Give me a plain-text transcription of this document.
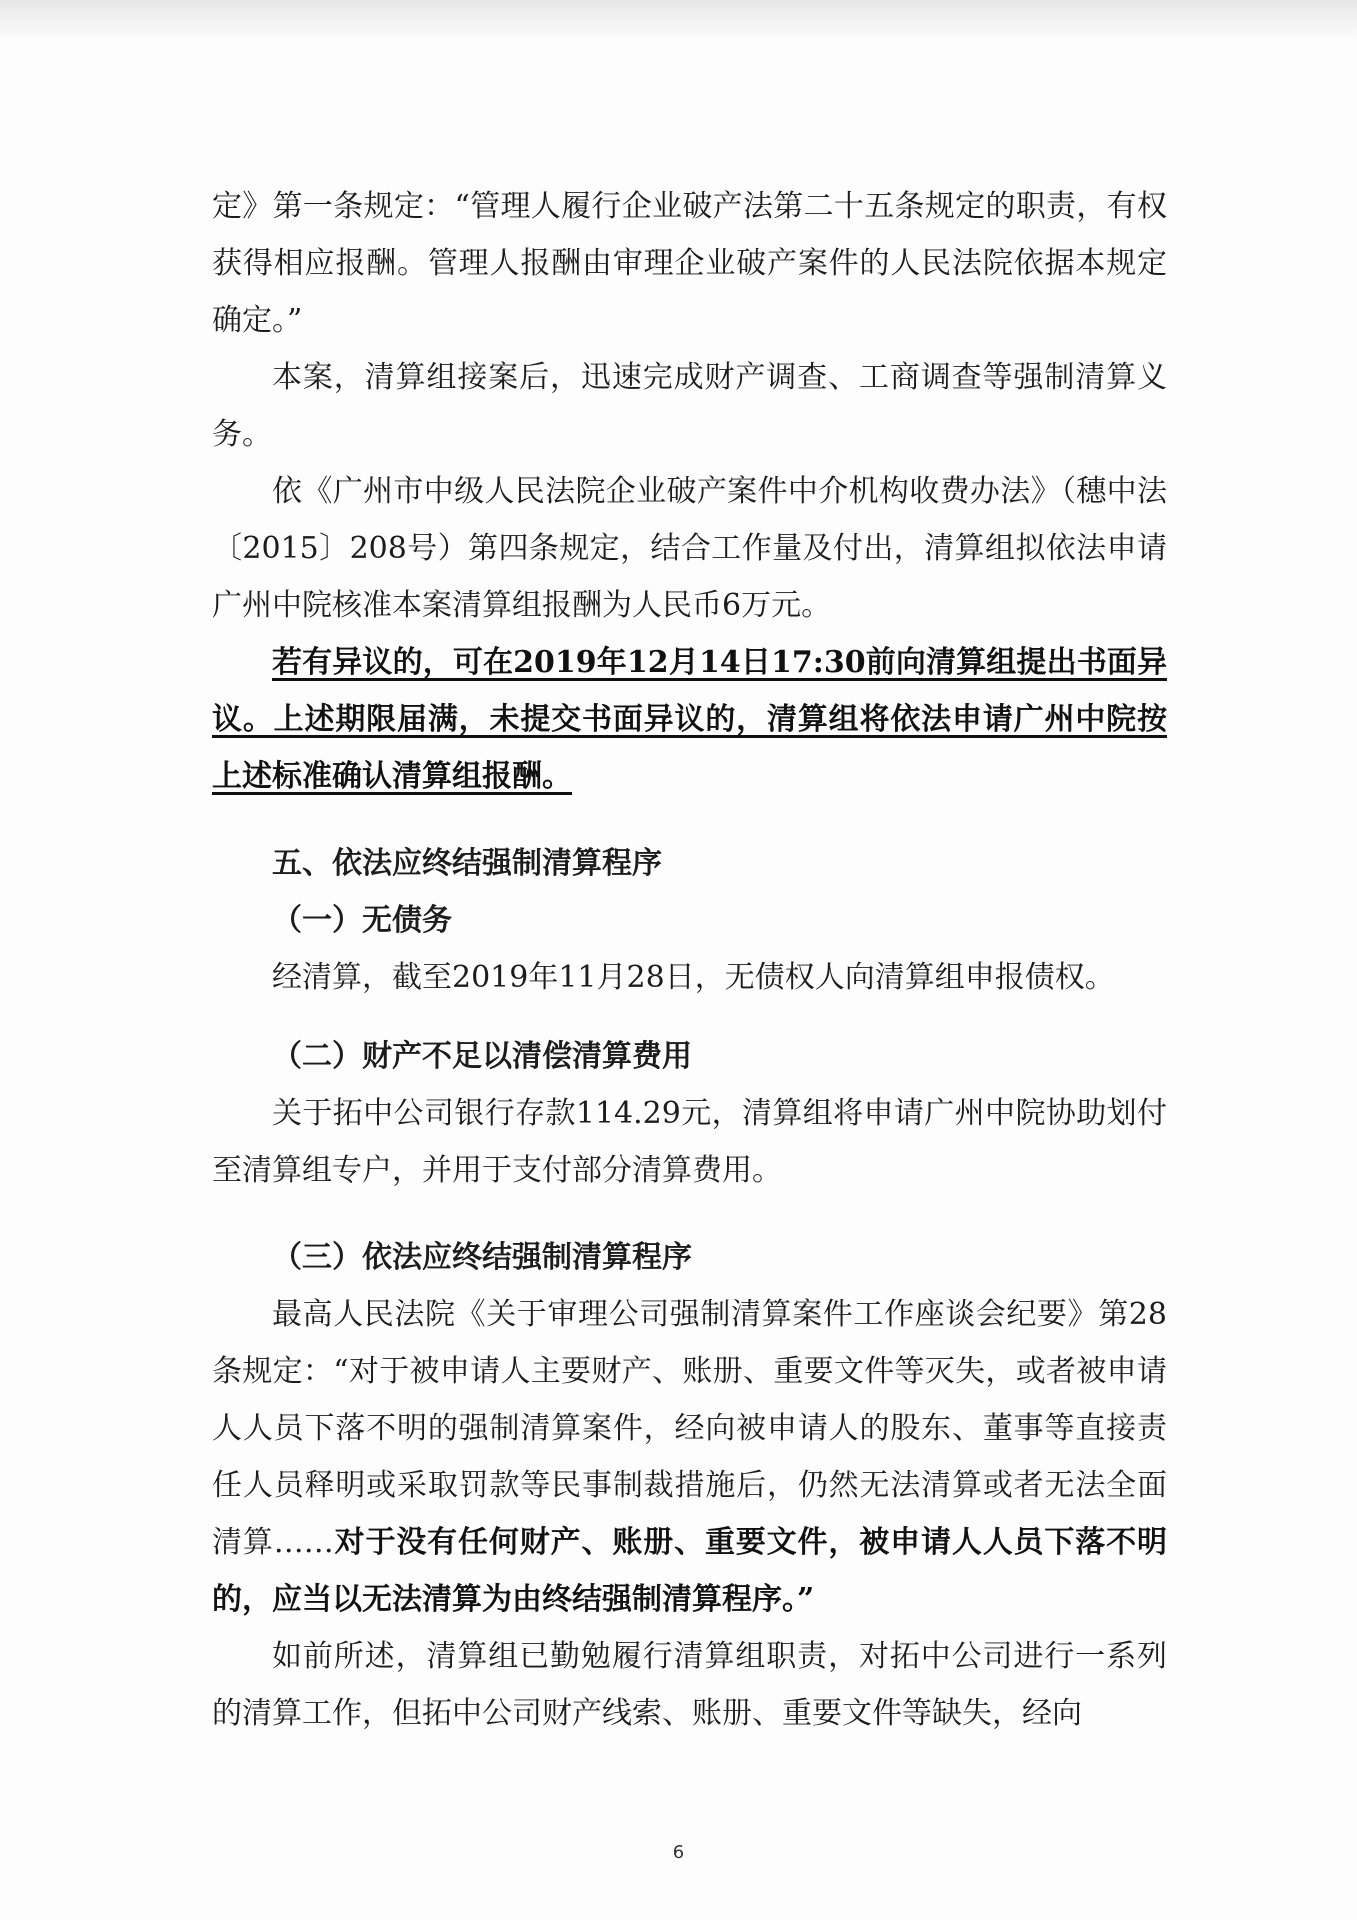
定》第一条规定：“管理人履行企业破产法第二十五条规定的职责，有权获得相应报酬。管理人报酬由审理企业破产案件的人民法院依据本规定确定。”

本案，清算组接案后，迅速完成财产调查、工商调查等强制清算义务。

依《广州市中级人民法院企业破产案件中介机构收费办法》（穗中法〔2015〕208号）第四条规定，结合工作量及付出，清算组拟依法申请广州中院核准本案清算组报酬为人民币6万元。

若有异议的，可在2019年12月14日17:30前向清算组提出书面异议。上述期限届满，未提交书面异议的，清算组将依法申请广州中院按上述标准确认清算组报酬。

五、依法应终结强制清算程序

（一）无债务

经清算，截至2019年11月28日，无债权人向清算组申报债权。

（二）财产不足以清偿清算费用

关于拓中公司银行存款114.29元，清算组将申请广州中院协助划付至清算组专户，并用于支付部分清算费用。

（三）依法应终结强制清算程序

最高人民法院《关于审理公司强制清算案件工作座谈会纪要》第28条规定：“对于被申请人主要财产、账册、重要文件等灭失，或者被申请人人员下落不明的强制清算案件，经向被申请人的股东、董事等直接责任人员释明或采取罚款等民事制裁措施后，仍然无法清算或者无法全面清算……对于没有任何财产、账册、重要文件，被申请人人员下落不明的，应当以无法清算为由终结强制清算程序。”

如前所述，清算组已勤勉履行清算组职责，对拓中公司进行一系列的清算工作，但拓中公司财产线索、账册、重要文件等缺失，经向

6
